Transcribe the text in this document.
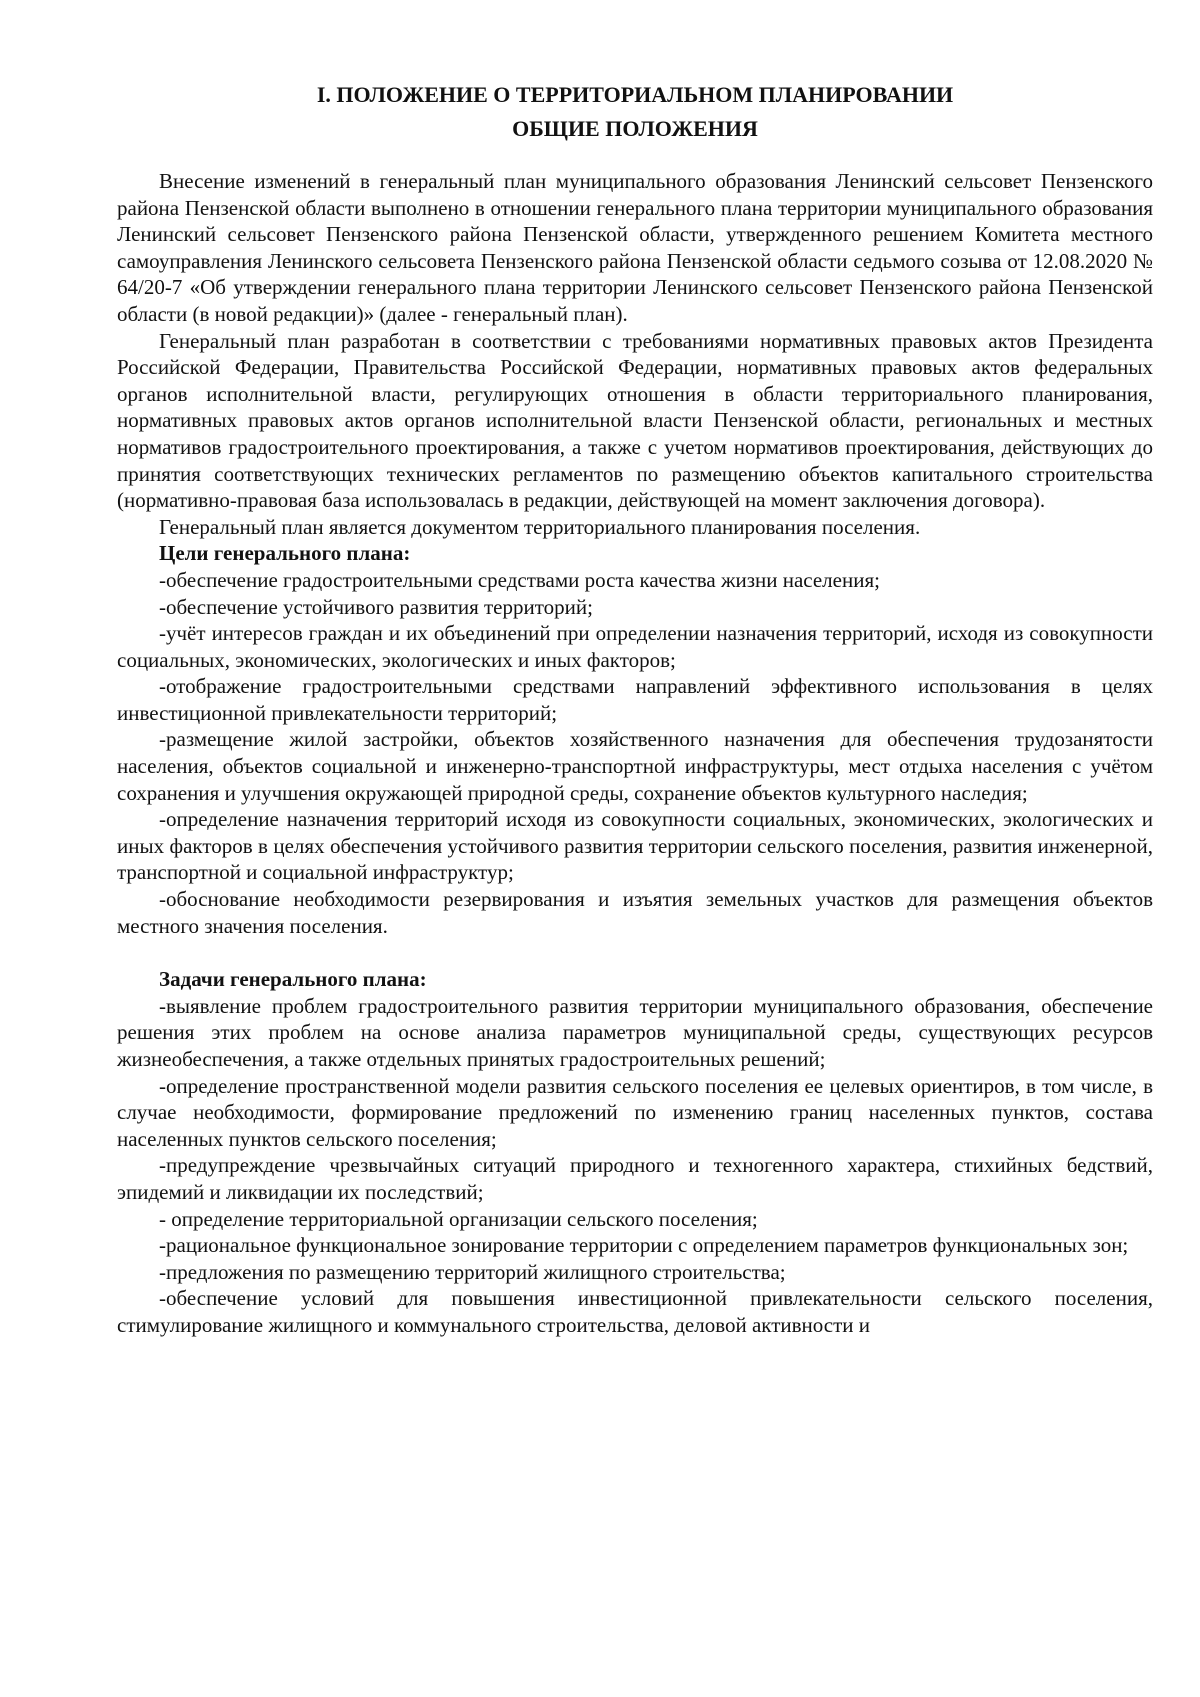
I. ПОЛОЖЕНИЕ О ТЕРРИТОРИАЛЬНОМ ПЛАНИРОВАНИИ
ОБЩИЕ ПОЛОЖЕНИЯ

Внесение изменений в генеральный план муниципального образования Ленинский сельсовет Пензенского района Пензенской области выполнено в отношении генерального плана территории муниципального образования Ленинский сельсовет Пензенского района Пензенской области, утвержденного решением Комитета местного самоуправления Ленинского сельсовета Пензенского района Пензенской области седьмого созыва от 12.08.2020 № 64/20-7 «Об утверждении генерального плана территории Ленинского сельсовет Пензенского района Пензенской области (в новой редакции)» (далее - генеральный план).

Генеральный план разработан в соответствии с требованиями нормативных правовых актов Президента Российской Федерации, Правительства Российской Федерации, нормативных правовых актов федеральных органов исполнительной власти, регулирующих отношения в области территориального планирования, нормативных правовых актов органов исполнительной власти Пензенской области, региональных и местных нормативов градостроительного проектирования, а также с учетом нормативов проектирования, действующих до принятия соответствующих технических регламентов по размещению объектов капитального строительства (нормативно-правовая база использовалась в редакции, действующей на момент заключения договора).

Генеральный план является документом территориального планирования поселения.

Цели генерального плана:

-обеспечение градостроительными средствами роста качества жизни населения;

-обеспечение устойчивого развития территорий;

-учёт интересов граждан и их объединений при определении назначения территорий, исходя из совокупности социальных, экономических, экологических и иных факторов;

-отображение градостроительными средствами направлений эффективного использования в целях инвестиционной привлекательности территорий;

-размещение жилой застройки, объектов хозяйственного назначения для обеспечения трудозанятости населения, объектов социальной и инженерно-транспортной инфраструктуры, мест отдыха населения с учётом сохранения и улучшения окружающей природной среды, сохранение объектов культурного наследия;

-определение назначения территорий исходя из совокупности социальных, экономических, экологических и иных факторов в целях обеспечения устойчивого развития территории сельского поселения, развития инженерной, транспортной и социальной инфраструктур;

-обоснование необходимости резервирования и изъятия земельных участков для размещения объектов местного значения поселения.

Задачи генерального плана:

-выявление проблем градостроительного развития территории муниципального образования, обеспечение решения этих проблем на основе анализа параметров муниципальной среды, существующих ресурсов жизнеобеспечения, а также отдельных принятых градостроительных решений;

-определение пространственной модели развития сельского поселения ее целевых ориентиров, в том числе, в случае необходимости, формирование предложений по изменению границ населенных пунктов, состава населенных пунктов сельского поселения;

-предупреждение чрезвычайных ситуаций природного и техногенного характера, стихийных бедствий, эпидемий и ликвидации их последствий;

- определение территориальной организации сельского поселения;

-рациональное функциональное зонирование территории с определением параметров функциональных зон;

-предложения по размещению территорий жилищного строительства;

-обеспечение условий для повышения инвестиционной привлекательности сельского поселения, стимулирование жилищного и коммунального строительства, деловой активности и
